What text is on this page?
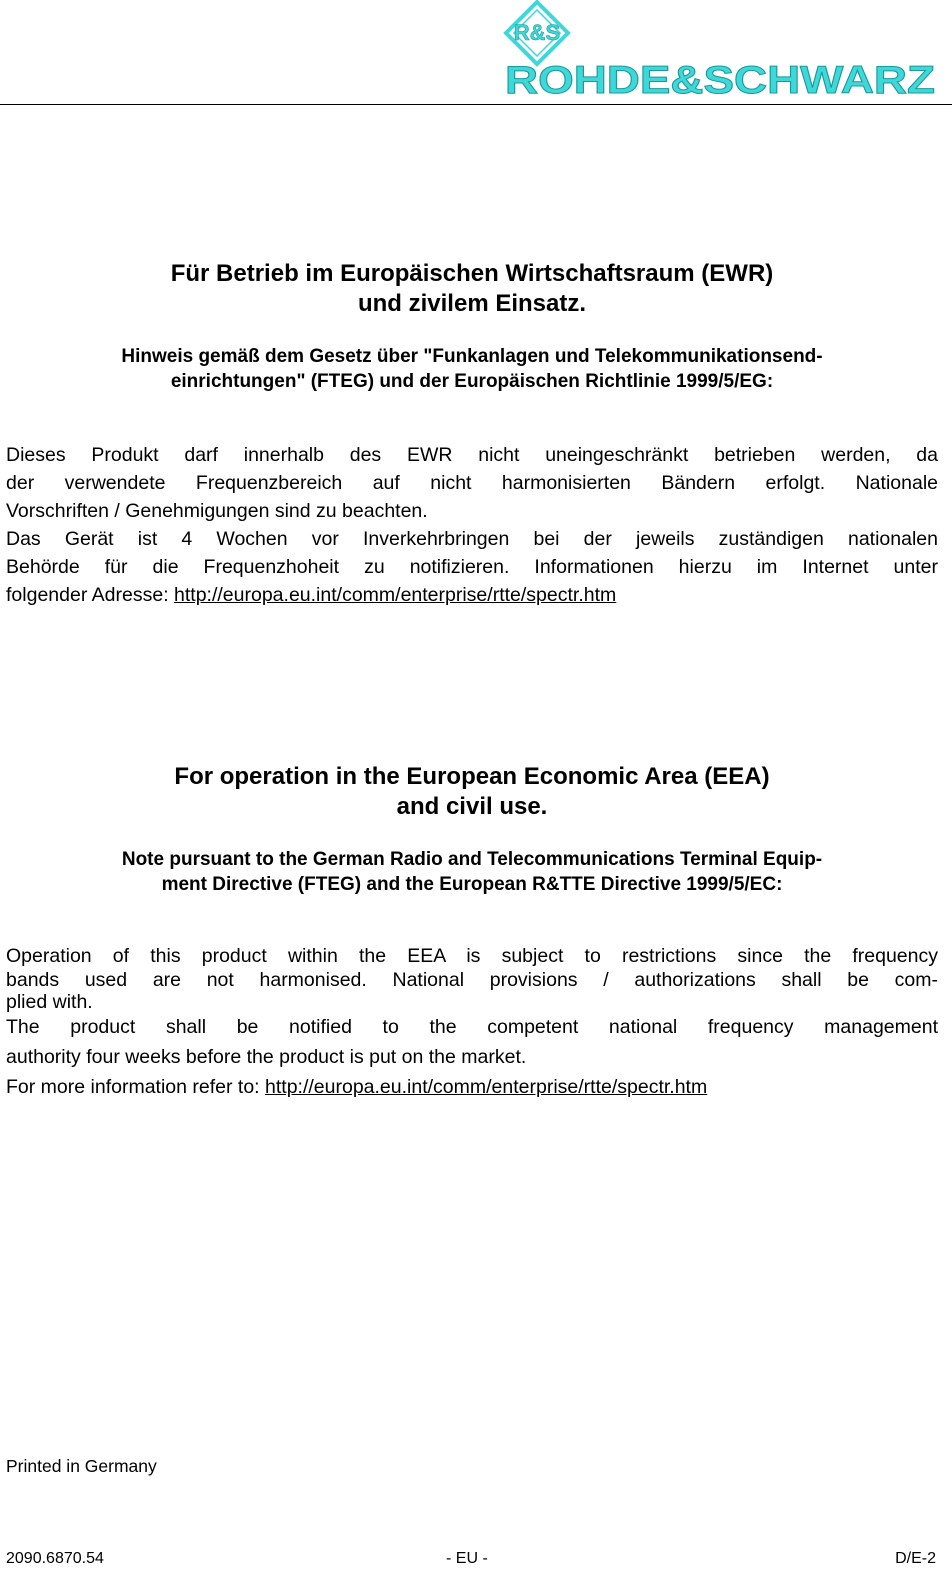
R&S
ROHDE&SCHWARZ
Für Betrieb im Europäischen Wirtschaftsraum (EWR)
und zivilem Einsatz.
Hinweis gemäß dem Gesetz über "Funkanlagen und Telekommunikationsend-
einrichtungen" (FTEG) und der Europäischen Richtlinie 1999/5/EG:

Dieses Produkt darf innerhalb des EWR nicht uneingeschränkt betrieben werden, da

der verwendete Frequenzbereich auf nicht harmonisierten Bändern erfolgt. Nationale

Vorschriften / Genehmigungen sind zu beachten.

Das Gerät ist 4 Wochen vor Inverkehrbringen bei der jeweils zuständigen nationalen

Behörde für die Frequenzhoheit zu notifizieren. Informationen hierzu im Internet unter

folgender Adresse: http://europa.eu.int/comm/enterprise/rtte/spectr.htm

For operation in the European Economic Area (EEA)
and civil use.
Note pursuant to the German Radio and Telecommunications Terminal Equip-
ment Directive (FTEG) and the European R&TTE Directive 1999/5/EC:

Operation of this product within the EEA is subject to restrictions since the frequency

bands used are not harmonised. National provisions / authorizations shall be com-

plied with.

The product shall be notified to the competent national frequency management

authority four weeks before the product is put on the market.

For more information refer to: http://europa.eu.int/comm/enterprise/rtte/spectr.htm

Printed in Germany
2090.6870.54	- EU -	D/E-2
